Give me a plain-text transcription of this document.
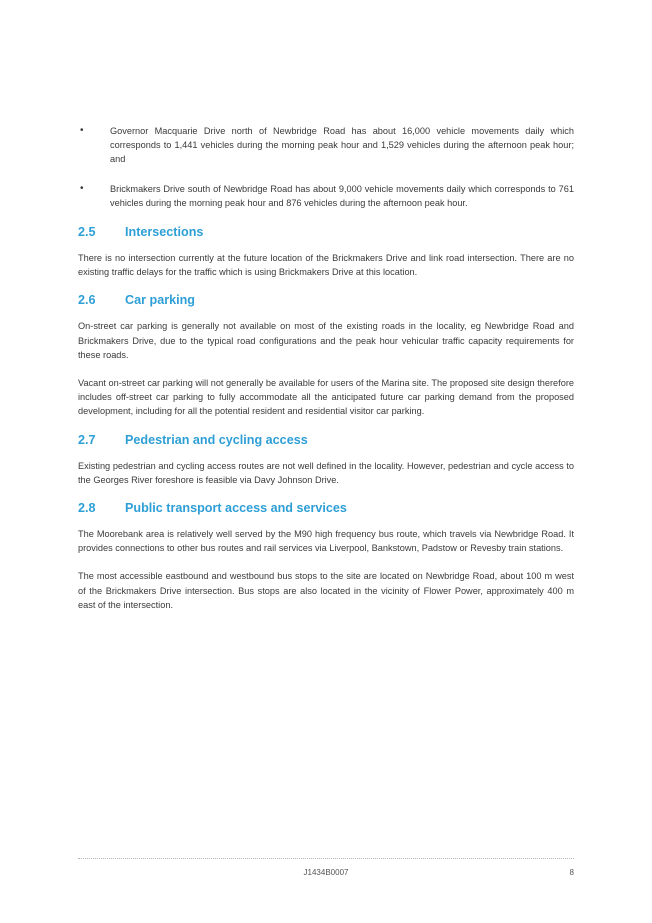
•	Governor Macquarie Drive north of Newbridge Road has about 16,000 vehicle movements daily which corresponds to 1,441 vehicles during the morning peak hour and 1,529 vehicles during the afternoon peak hour; and
•	Brickmakers Drive south of Newbridge Road has about 9,000 vehicle movements daily which corresponds to 761 vehicles during the morning peak hour and 876 vehicles during the afternoon peak hour.
2.5	Intersections

There is no intersection currently at the future location of the Brickmakers Drive and link road intersection. There are no existing traffic delays for the traffic which is using Brickmakers Drive at this location.

2.6	Car parking

On-street car parking is generally not available on most of the existing roads in the locality, eg Newbridge Road and Brickmakers Drive, due to the typical road configurations and the peak hour vehicular traffic capacity requirements for these roads.

Vacant on-street car parking will not generally be available for users of the Marina site. The proposed site design therefore includes off-street car parking to fully accommodate all the anticipated future car parking demand from the proposed development, including for all the potential resident and residential visitor car parking.

2.7	Pedestrian and cycling access

Existing pedestrian and cycling access routes are not well defined in the locality. However, pedestrian and cycle access to the Georges River foreshore is feasible via Davy Johnson Drive.

2.8	Public transport access and services

The Moorebank area is relatively well served by the M90 high frequency bus route, which travels via Newbridge Road. It provides connections to other bus routes and rail services via Liverpool, Bankstown, Padstow or Revesby train stations.

The most accessible eastbound and westbound bus stops to the site are located on Newbridge Road, about 100 m west of the Brickmakers Drive intersection. Bus stops are also located in the vicinity of Flower Power, approximately 400 m east of the intersection.

J1434B0007	8
